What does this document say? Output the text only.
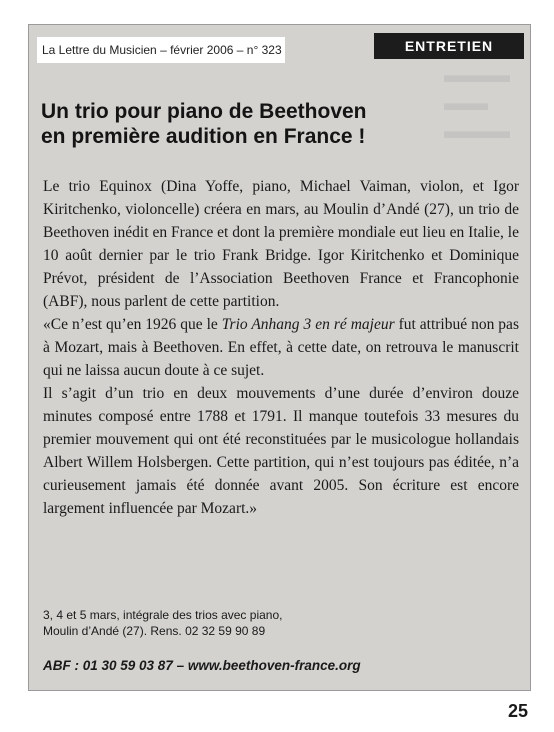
▬▬▬
▬▬
▬▬▬
La Lettre du Musicien – février 2006 – n° 323	ENTRETIEN
Un trio pour piano de Beethoven
en première audition en France !

Le trio Equinox (Dina Yoffe, piano, Michael Vaiman, violon, et Igor Kiritchenko, violoncelle) créera en mars, au Moulin d’Andé (27), un trio de Beethoven inédit en France et dont la première mondiale eut lieu en Italie, le 10 août dernier par le trio Frank Bridge. Igor Kiritchenko et Dominique Prévot, président de l’Association Beethoven France et Francophonie (ABF), nous parlent de cette partition.

«Ce n’est qu’en 1926 que le Trio Anhang 3 en ré majeur fut attribué non pas à Mozart, mais à Beethoven. En effet, à cette date, on retrouva le manuscrit qui ne laissa aucun doute à ce sujet.

Il s’agit d’un trio en deux mouvements d’une durée d’environ douze minutes composé entre 1788 et 1791. Il manque toutefois 33 mesures du premier mouvement qui ont été reconstituées par le musicologue hollandais Albert Willem Holsbergen. Cette partition, qui n’est toujours pas éditée, n’a curieusement jamais été donnée avant 2005. Son écriture est encore largement influencée par Mozart.»

3, 4 et 5 mars, intégrale des trios avec piano,
Moulin d’Andé (27). Rens. 02 32 59 90 89
ABF : 01 30 59 03 87 – www.beethoven-france.org
25
